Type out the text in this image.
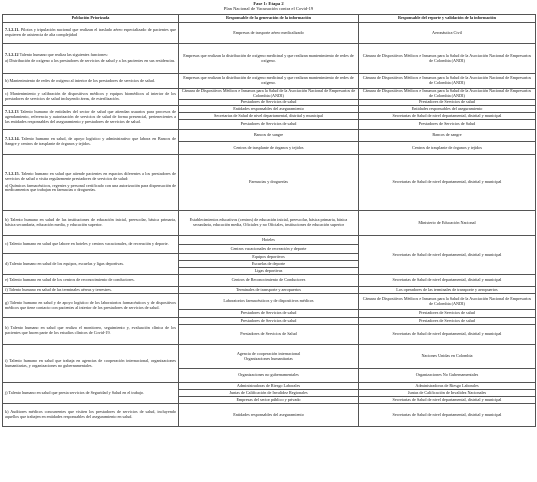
Fase 1: Etapa 2
Plan Nacional de Vacunación contra el Covid-19
Población Priorizada	Responsable de la generación de la información	Responsable del reporte y validación de la información
7.1.2.11. Pilotos y tripulación nacional que realizan el traslado aéreo especializado de pacientes que requieren de asistencia de alta complejidad	Empresas de trasporte aéreo medicalizado	Aeronáutica Civil

7.1.2.12 Talento humano que realiza las siguientes funciones:
a) Distribución de oxígeno a los prestadores de servicios de salud y a los pacientes en sus residencias.	Empresas que realizan la distribución de oxígeno medicinal y que realizan mantenimiento de redes de oxígeno.	Cámara de Dispositivos Médicos e Insumos para la Salud de la Asociación Nacional de Empresarios de Colombia (ANDI)
b) Mantenimiento de redes de oxígeno al interior de los prestadores de servicios de salud.	Empresas que realizan la distribución de oxígeno medicinal y que realizan mantenimiento de redes de oxígeno.	Cámara de Dispositivos Médicos e Insumos para la Salud de la Asociación Nacional de Empresarios de Colombia (ANDI)
c) Mantenimiento y calibración de dispositivos médicos y equipos biomédicos al interior de los prestadores de servicios de salud incluyendo áreas, de esterilización.	Cámara de Dispositivos Médicos e Insumos para la Salud de la Asociación Nacional de Empresarios de Colombia (ANDI)	Cámara de Dispositivos Médicos e Insumos para la Salud de la Asociación Nacional de Empresarios de Colombia (ANDI)
	Prestadores de Servicios de salud	Prestadores de Servicios de salud
7.1.2.13 Talento humano de entidades del sector de salud que atiendan usuarios para procesos de agendamiento, referencia y autorización de servicios de salud de forma presencial, pertenecientes a las entidades responsables del aseguramiento y prestadores de servicios de salud.	Entidades responsables del aseguramiento	Entidades responsables del aseguramiento
	Secretarias de Salud de nivel departamental, distrital y municipal	Secretarias de Salud de nivel departamental, distrital y municipal
	Prestadores de Servicios de salud	Prestadores de Servicios de Salud
7.1.2.14. Talento humano en salud, de apoyo logístico y administrativo que labora en Bancos de Sangre y centros de trasplante de órganos y tejidos.	Bancos de sangre	Bancos de sangre
	Centros de trasplante de órganos y tejidos	Centros de trasplante de órganos y tejidos

7.1.2.15. Talento humano en salud que atiende pacientes en espacios diferentes a los prestadores de servicios de salud o visita regularmente prestadores de servicios de salud:
a) Químicos farmacéuticos, regentes y personal certificado con una autorización para dispensación de medicamentos que trabajan en farmacias o droguerías.	Farmacias y droguerías	Secretarias de Salud de nivel departamental, distrital y municipal
b) Talento humano en salud de las instituciones de educación inicial, preescolar, básica primaria, básica secundaria, educación media, y educación superior.	Establecimientos educativos (centros) de educación inicial, preescolar, básica primaria, básica secundaria, educación media, Oficiales y no Oficiales, instituciones de educación superior	Ministerio de Educación Nacional
c) Talento humano en salud que labore en hoteles y centros vacacionales, de recreación y deporte.	Hoteles	Secretarias de Salud de nivel departamental, distrital y municipal
	Centros vacacionales de recreación y deporte	
d) Talento humano en salud de los equipos, escuelas y ligas deportivas.	Equipos deportivos	
	Escuelas de deporte	
	Ligas deportivas	
e) Talento humano en salud de los centros de reconocimiento de conductores.	Centros de Reconocimiento de Conductores	Secretarias de Salud de nivel departamental, distrital y municipal
f) Talento humano en salud de las terminales aéreas y terrestres.	Terminales de transporte y aeropuertos	Los operadores de las terminales de transporte y aeropuertos
g) Talento humano en salud y de apoyo logístico de los laboratorios farmacéuticos y de dispositivos médicos que tiene contacto con pacientes al interior de los prestadores de servicios de salud.	Laboratorios farmacéuticos y de dispositivos médicos	Cámara de Dispositivos Médicos e Insumos para la Salud de la Asociación Nacional de Empresarios de Colombia (ANDI)
	Prestadores de Servicios de salud	Prestadores de Servicios de salud
h) Talento humano en salud que realiza el monitoreo, seguimiento y, evaluación clínica de los pacientes que hacen parte de los estudios clínicos de Covid-19.	Prestadores de Servicios de salud	Prestadores de Servicios de salud
	Prestadores de Servicios de Salud	Secretarias de Salud de nivel departamental, distrital y municipal
i) Talento humano en salud que trabaja en agencias de cooperación internacional, organizaciones humanitarias, y organizaciones no gubernamentales.	Agencia de cooperación internacional
Organizaciones humanitarias	Naciones Unidas en Colombia
	Organizaciones no gubernamentales	Organizaciones No Gubernamentales
j) Talento humano en salud que presta servicios de Seguridad y Salud en el trabajo.	Administradoras de Riesgo Laborales	Administradoras de Riesgo Laborales
	Juntas de Calificación de Invalidez Regionales	Juntas de Calificación de Invalidez Nacionales
	Empresas del sector público y privado	Secretarias de Salud de nivel departamental, distrital y municipal
k) Auditores médicos concurrentes que visiten los prestadores de servicios de salud, incluyendo aquellos que trabajen en entidades responsables del aseguramiento en salud.	Entidades responsables del aseguramiento	Secretarias de Salud de nivel departamental, distrital y municipal
